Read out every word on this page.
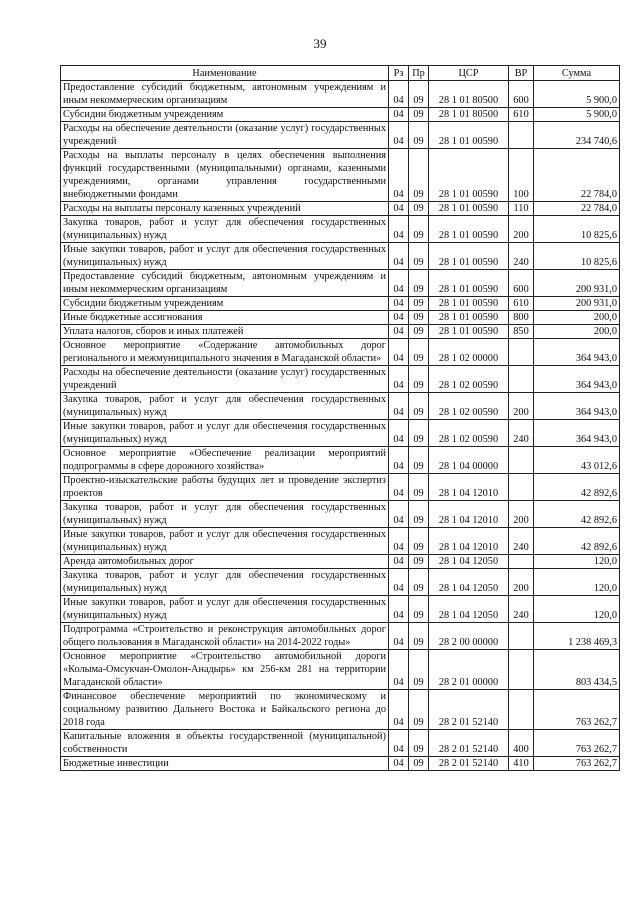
39
Наименование	Рз	Пр	ЦСР	ВР	Сумма
Предоставление субсидий бюджетным, автономным учреждениям и иным некоммерческим организациям	04	09	28 1 01 80500	600	5 900,0
Субсидии бюджетным учреждениям	04	09	28 1 01 80500	610	5 900,0
Расходы на обеспечение деятельности (оказание услуг) государственных учреждений	04	09	28 1 01 00590		234 740,6
Расходы на выплаты персоналу в целях обеспечения выполнения функций государственными (муниципальными) органами, казенными учреждениями, органами управления государственными внебюджетными фондами	04	09	28 1 01 00590	100	22 784,0
Расходы на выплаты персоналу казенных учреждений	04	09	28 1 01 00590	110	22 784,0
Закупка товаров, работ и услуг для обеспечения государственных (муниципальных) нужд	04	09	28 1 01 00590	200	10 825,6
Иные закупки товаров, работ и услуг для обеспечения государственных (муниципальных) нужд	04	09	28 1 01 00590	240	10 825,6
Предоставление субсидий бюджетным, автономным учреждениям и иным некоммерческим организациям	04	09	28 1 01 00590	600	200 931,0
Субсидии бюджетным учреждениям	04	09	28 1 01 00590	610	200 931,0
Иные бюджетные ассигнования	04	09	28 1 01 00590	800	200,0
Уплата налогов, сборов и иных платежей	04	09	28 1 01 00590	850	200,0
Основное мероприятие «Содержание автомобильных дорог регионального и межмуниципального значения в Магаданской области»	04	09	28 1 02 00000		364 943,0
Расходы на обеспечение деятельности (оказание услуг) государственных учреждений	04	09	28 1 02 00590		364 943,0
Закупка товаров, работ и услуг для обеспечения государственных (муниципальных) нужд	04	09	28 1 02 00590	200	364 943,0
Иные закупки товаров, работ и услуг для обеспечения государственных (муниципальных) нужд	04	09	28 1 02 00590	240	364 943,0
Основное мероприятие «Обеспечение реализации мероприятий подпрограммы в сфере дорожного хозяйства»	04	09	28 1 04 00000		43 012,6
Проектно-изыскательские работы будущих лет и проведение экспертиз проектов	04	09	28 1 04 12010		42 892,6
Закупка товаров, работ и услуг для обеспечения государственных (муниципальных) нужд	04	09	28 1 04 12010	200	42 892,6
Иные закупки товаров, работ и услуг для обеспечения государственных (муниципальных) нужд	04	09	28 1 04 12010	240	42 892,6
Аренда автомобильных дорог	04	09	28 1 04 12050		120,0
Закупка товаров, работ и услуг для обеспечения государственных (муниципальных) нужд	04	09	28 1 04 12050	200	120,0
Иные закупки товаров, работ и услуг для обеспечения государственных (муниципальных) нужд	04	09	28 1 04 12050	240	120,0
Подпрограмма «Строительство и реконструкция автомобильных дорог общего пользования в Магаданской области» на 2014-2022 годы»	04	09	28 2 00 00000		1 238 469,3
Основное мероприятие «Строительство автомобильной дороги «Колыма-Омсукчан-Омолон-Анадырь» км 256-км 281 на территории Магаданской области»	04	09	28 2 01 00000		803 434,5
Финансовое обеспечение мероприятий по экономическому и социальному развитию Дальнего Востока и Байкальского региона до 2018 года	04	09	28 2 01 52140		763 262,7
Капитальные вложения в объекты государственной (муниципальной) собственности	04	09	28 2 01 52140	400	763 262,7
Бюджетные инвестиции	04	09	28 2 01 52140	410	763 262,7
